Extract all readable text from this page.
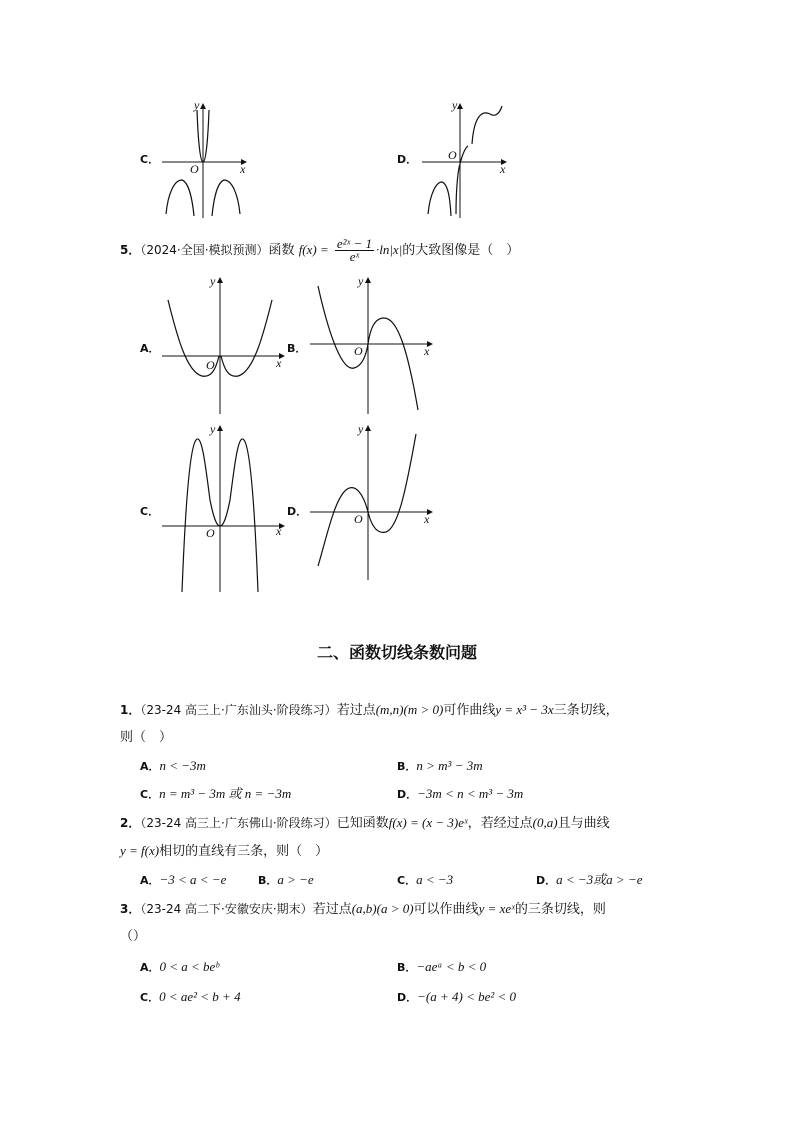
C．
y
x
O
D．
y
x
O
5．（2024·全国·模拟预测）函数 $f(x) = \frac{\text{e²ˣ − 1}}{\text{eˣ}} \cdot\ln|x|$的大致图像是（　）
A．
y
x
O
B．
y
x
O
C．
y
x
O
D．
y
x
O
二、函数切线条数问题
1．（23-24 高三上·广东汕头·阶段练习）若过点(m,n)(m > 0)可作曲线y = x³ − 3x三条切线，
则（　）
A．n < −3m	B．n > m³ − 3m
C．n = m³ − 3m 或 n = −3m	D．−3m < n < m³ − 3m
2．（23-24 高三上·广东佛山·阶段练习）已知函数f(x) = (x − 3)eˣ，若经过点(0,a)且与曲线
y = f(x)相切的直线有三条，则（　）
A．−3 < a < −e	B．a > −e	C．a < −3	D．a < −3或a > −e
3．（23-24 高二下·安徽安庆·期末）若过点(a,b)(a > 0)可以作曲线y = xeˣ的三条切线，则
（）
A．0 < a < beᵇ	B．−aeᵃ < b < 0
C．0 < ae² < b + 4	D．−(a + 4) < be² < 0
